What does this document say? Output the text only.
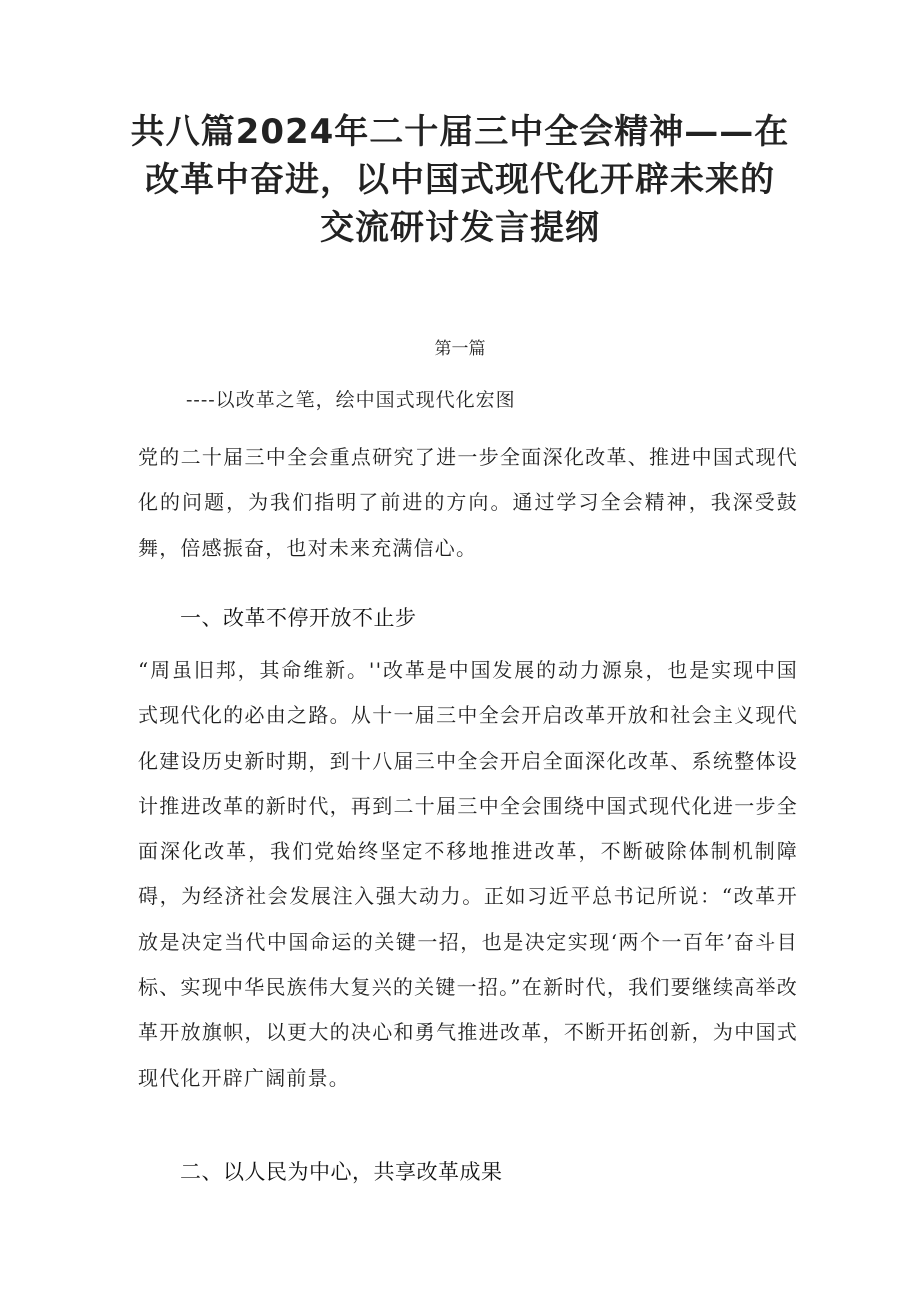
共八篇2024年二十届三中全会精神——在
改革中奋进，以中国式现代化开辟未来的
交流研讨发言提纲
第一篇
----以改革之笔，绘中国式现代化宏图

党的二十届三中全会重点研究了进一步全面深化改革、推进中国式现代化的问题，为我们指明了前进的方向。通过学习全会精神，我深受鼓舞，倍感振奋，也对未来充满信心。

一、改革不停开放不止步

“周虽旧邦，其命维新。''改革是中国发展的动力源泉，也是实现中国式现代化的必由之路。从十一届三中全会开启改革开放和社会主义现代化建设历史新时期，到十八届三中全会开启全面深化改革、系统整体设计推进改革的新时代，再到二十届三中全会围绕中国式现代化进一步全面深化改革，我们党始终坚定不移地推进改革，不断破除体制机制障碍，为经济社会发展注入强大动力。正如习近平总书记所说：“改革开放是决定当代中国命运的关键一招，也是决定实现‘两个一百年’奋斗目标、实现中华民族伟大复兴的关键一招。”在新时代，我们要继续高举改革开放旗帜，以更大的决心和勇气推进改革，不断开拓创新，为中国式现代化开辟广阔前景。

二、以人民为中心，共享改革成果
